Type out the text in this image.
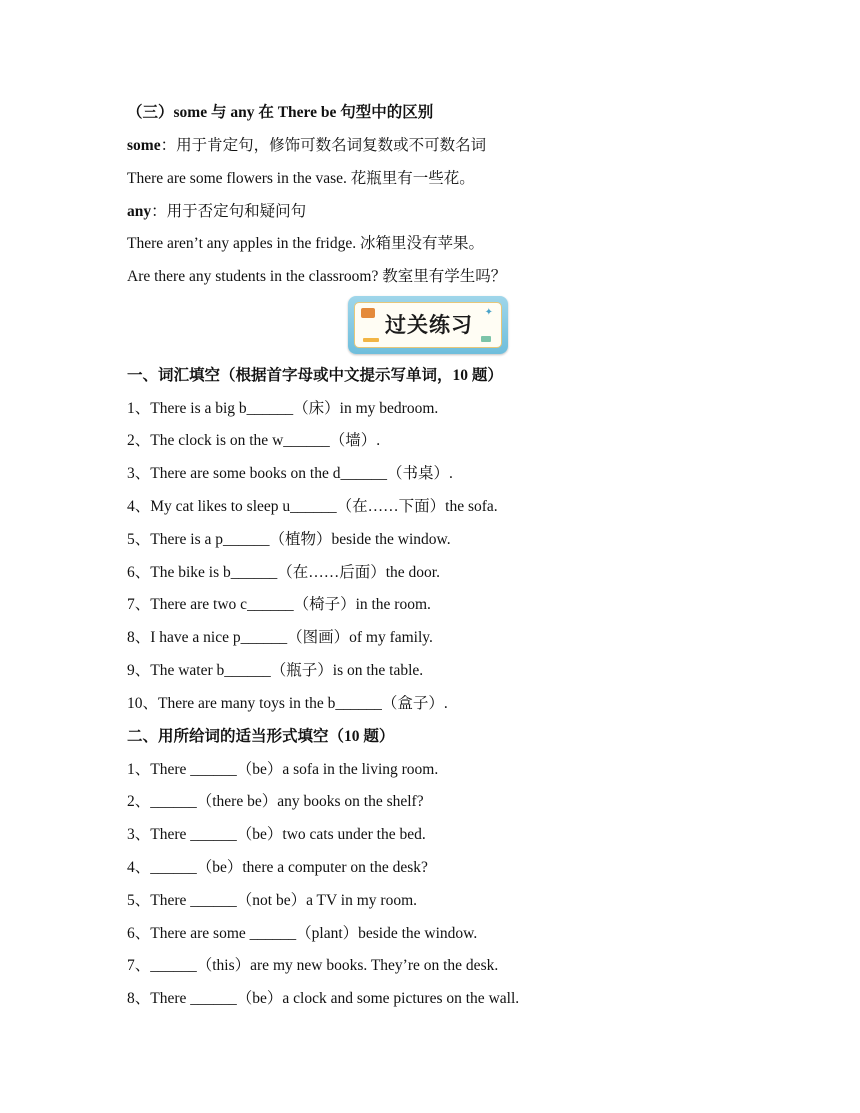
（三）some 与 any 在 There be 句型中的区别
some：用于肯定句，修饰可数名词复数或不可数名词
There are some flowers in the vase. 花瓶里有一些花。
any：用于否定句和疑问句
There aren’t any apples in the fridge. 冰箱里没有苹果。
Are there any students in the classroom? 教室里有学生吗？
✦
过关练习
一、词汇填空（根据首字母或中文提示写单词，10 题）
1、There is a big b______（床）in my bedroom.
2、The clock is on the w______（墙）.
3、There are some books on the d______（书桌）.
4、My cat likes to sleep u______（在……下面）the sofa.
5、There is a p______（植物）beside the window.
6、The bike is b______（在……后面）the door.
7、There are two c______（椅子）in the room.
8、I have a nice p______（图画）of my family.
9、The water b______（瓶子）is on the table.
10、There are many toys in the b______（盒子）.
二、用所给词的适当形式填空（10 题）
1、There ______（be）a sofa in the living room.
2、______（there be）any books on the shelf?
3、There ______（be）two cats under the bed.
4、______（be）there a computer on the desk?
5、There ______（not be）a TV in my room.
6、There are some ______（plant）beside the window.
7、______（this）are my new books. They’re on the desk.
8、There ______（be）a clock and some pictures on the wall.
